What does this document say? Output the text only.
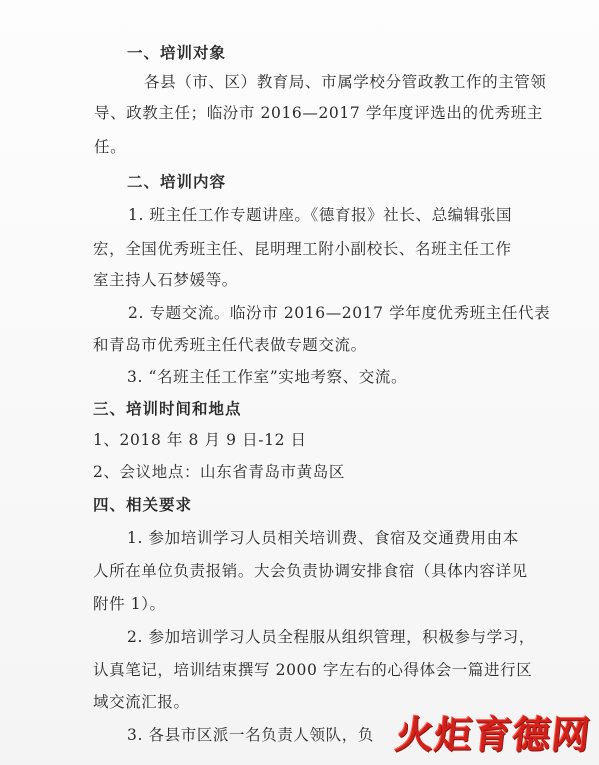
一、培训对象
各县（市、区）教育局、市属学校分管政教工作的主管领
导、政教主任；临汾市 2016—2017 学年度评选出的优秀班主
任。
二、培训内容
1. 班主任工作专题讲座。《德育报》社长、总编辑张国
宏，全国优秀班主任、昆明理工附小副校长、名班主任工作
室主持人石梦媛等。
2. 专题交流。临汾市 2016—2017 学年度优秀班主任代表
和青岛市优秀班主任代表做专题交流。
3. “名班主任工作室”实地考察、交流。
三、培训时间和地点
1、2018 年 8 月 9 日-12 日
2、会议地点：山东省青岛市黄岛区
四、相关要求
1. 参加培训学习人员相关培训费、食宿及交通费用由本
人所在单位负责报销。大会负责协调安排食宿（具体内容详见
附件 1）。
2. 参加培训学习人员全程服从组织管理，积极参与学习，
认真笔记，培训结束撰写 2000 字左右的心得体会一篇进行区
域交流汇报。
3. 各县市区派一名负责人领队，负 火炬育德网
